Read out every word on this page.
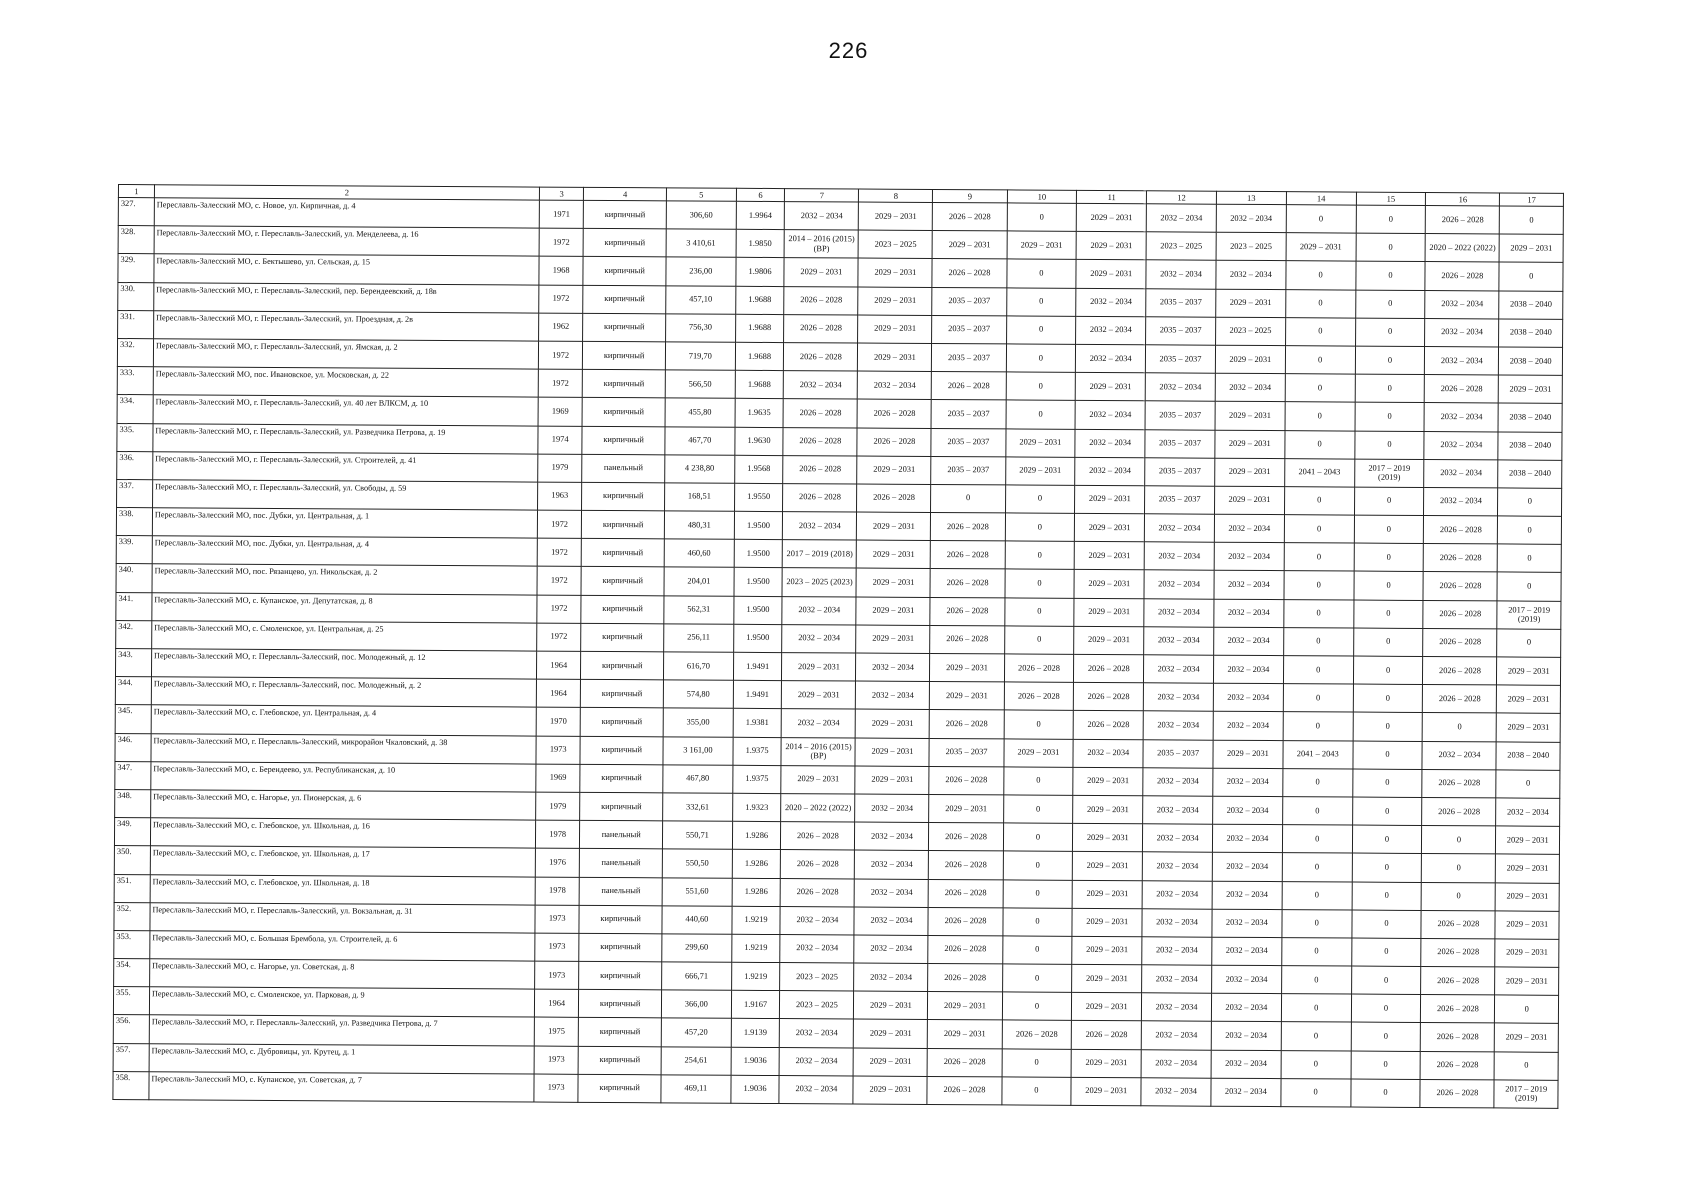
226
1	2	3	4	5	6	7	8	9	10	11	12	13	14	15	16	17
327.	Переславль-Залесский МО, с. Новое, ул. Кирпичная, д. 4	1971	кирпичный	306,60	1.9964	2032 – 2034	2029 – 2031	2026 – 2028	0	2029 – 2031	2032 – 2034	2032 – 2034	0	0	2026 – 2028	0
328.	Переславль-Залесский МО, г. Переславль-Залесский, ул. Менделеева, д. 16	1972	кирпичный	3 410,61	1.9850	2014 – 2016 (2015) (ВР)	2023 – 2025	2029 – 2031	2029 – 2031	2029 – 2031	2023 – 2025	2023 – 2025	2029 – 2031	0	2020 – 2022 (2022)	2029 – 2031
329.	Переславль-Залесский МО, с. Бектышево, ул. Сельская, д. 15	1968	кирпичный	236,00	1.9806	2029 – 2031	2029 – 2031	2026 – 2028	0	2029 – 2031	2032 – 2034	2032 – 2034	0	0	2026 – 2028	0
330.	Переславль-Залесский МО, г. Переславль-Залесский, пер. Берендеевский, д. 18в	1972	кирпичный	457,10	1.9688	2026 – 2028	2029 – 2031	2035 – 2037	0	2032 – 2034	2035 – 2037	2029 – 2031	0	0	2032 – 2034	2038 – 2040
331.	Переславль-Залесский МО, г. Переславль-Залесский, ул. Проездная, д. 2в	1962	кирпичный	756,30	1.9688	2026 – 2028	2029 – 2031	2035 – 2037	0	2032 – 2034	2035 – 2037	2023 – 2025	0	0	2032 – 2034	2038 – 2040
332.	Переславль-Залесский МО, г. Переславль-Залесский, ул. Ямская, д. 2	1972	кирпичный	719,70	1.9688	2026 – 2028	2029 – 2031	2035 – 2037	0	2032 – 2034	2035 – 2037	2029 – 2031	0	0	2032 – 2034	2038 – 2040
333.	Переславль-Залесский МО, пос. Ивановское, ул. Московская, д. 22	1972	кирпичный	566,50	1.9688	2032 – 2034	2032 – 2034	2026 – 2028	0	2029 – 2031	2032 – 2034	2032 – 2034	0	0	2026 – 2028	2029 – 2031
334.	Переславль-Залесский МО, г. Переславль-Залесский, ул. 40 лет ВЛКСМ, д. 10	1969	кирпичный	455,80	1.9635	2026 – 2028	2026 – 2028	2035 – 2037	0	2032 – 2034	2035 – 2037	2029 – 2031	0	0	2032 – 2034	2038 – 2040
335.	Переславль-Залесский МО, г. Переславль-Залесский, ул. Разведчика Петрова, д. 19	1974	кирпичный	467,70	1.9630	2026 – 2028	2026 – 2028	2035 – 2037	2029 – 2031	2032 – 2034	2035 – 2037	2029 – 2031	0	0	2032 – 2034	2038 – 2040
336.	Переславль-Залесский МО, г. Переславль-Залесский, ул. Строителей, д. 41	1979	панельный	4 238,80	1.9568	2026 – 2028	2029 – 2031	2035 – 2037	2029 – 2031	2032 – 2034	2035 – 2037	2029 – 2031	2041 – 2043	2017 – 2019 (2019)	2032 – 2034	2038 – 2040
337.	Переславль-Залесский МО, г. Переславль-Залесский, ул. Свободы, д. 59	1963	кирпичный	168,51	1.9550	2026 – 2028	2026 – 2028	0	0	2029 – 2031	2035 – 2037	2029 – 2031	0	0	2032 – 2034	0
338.	Переславль-Залесский МО, пос. Дубки, ул. Центральная, д. 1	1972	кирпичный	480,31	1.9500	2032 – 2034	2029 – 2031	2026 – 2028	0	2029 – 2031	2032 – 2034	2032 – 2034	0	0	2026 – 2028	0
339.	Переславль-Залесский МО, пос. Дубки, ул. Центральная, д. 4	1972	кирпичный	460,60	1.9500	2017 – 2019 (2018)	2029 – 2031	2026 – 2028	0	2029 – 2031	2032 – 2034	2032 – 2034	0	0	2026 – 2028	0
340.	Переславль-Залесский МО, пос. Рязанцево, ул. Никольская, д. 2	1972	кирпичный	204,01	1.9500	2023 – 2025 (2023)	2029 – 2031	2026 – 2028	0	2029 – 2031	2032 – 2034	2032 – 2034	0	0	2026 – 2028	0
341.	Переславль-Залесский МО, с. Купанское, ул. Депутатская, д. 8	1972	кирпичный	562,31	1.9500	2032 – 2034	2029 – 2031	2026 – 2028	0	2029 – 2031	2032 – 2034	2032 – 2034	0	0	2026 – 2028	2017 – 2019 (2019)
342.	Переславль-Залесский МО, с. Смоленское, ул. Центральная, д. 25	1972	кирпичный	256,11	1.9500	2032 – 2034	2029 – 2031	2026 – 2028	0	2029 – 2031	2032 – 2034	2032 – 2034	0	0	2026 – 2028	0
343.	Переславль-Залесский МО, г. Переславль-Залесский, пос. Молодежный, д. 12	1964	кирпичный	616,70	1.9491	2029 – 2031	2032 – 2034	2029 – 2031	2026 – 2028	2026 – 2028	2032 – 2034	2032 – 2034	0	0	2026 – 2028	2029 – 2031
344.	Переславль-Залесский МО, г. Переславль-Залесский, пос. Молодежный, д. 2	1964	кирпичный	574,80	1.9491	2029 – 2031	2032 – 2034	2029 – 2031	2026 – 2028	2026 – 2028	2032 – 2034	2032 – 2034	0	0	2026 – 2028	2029 – 2031
345.	Переславль-Залесский МО, с. Глебовское, ул. Центральная, д. 4	1970	кирпичный	355,00	1.9381	2032 – 2034	2029 – 2031	2026 – 2028	0	2026 – 2028	2032 – 2034	2032 – 2034	0	0	0	2029 – 2031
346.	Переславль-Залесский МО, г. Переславль-Залесский, микрорайон Чкаловский, д. 38	1973	кирпичный	3 161,00	1.9375	2014 – 2016 (2015) (ВР)	2029 – 2031	2035 – 2037	2029 – 2031	2032 – 2034	2035 – 2037	2029 – 2031	2041 – 2043	0	2032 – 2034	2038 – 2040
347.	Переславль-Залесский МО, с. Берендеево, ул. Республиканская, д. 10	1969	кирпичный	467,80	1.9375	2029 – 2031	2029 – 2031	2026 – 2028	0	2029 – 2031	2032 – 2034	2032 – 2034	0	0	2026 – 2028	0
348.	Переславль-Залесский МО, с. Нагорье, ул. Пионерская, д. 6	1979	кирпичный	332,61	1.9323	2020 – 2022 (2022)	2032 – 2034	2029 – 2031	0	2029 – 2031	2032 – 2034	2032 – 2034	0	0	2026 – 2028	2032 – 2034
349.	Переславль-Залесский МО, с. Глебовское, ул. Школьная, д. 16	1978	панельный	550,71	1.9286	2026 – 2028	2032 – 2034	2026 – 2028	0	2029 – 2031	2032 – 2034	2032 – 2034	0	0	0	2029 – 2031
350.	Переславль-Залесский МО, с. Глебовское, ул. Школьная, д. 17	1976	панельный	550,50	1.9286	2026 – 2028	2032 – 2034	2026 – 2028	0	2029 – 2031	2032 – 2034	2032 – 2034	0	0	0	2029 – 2031
351.	Переславль-Залесский МО, с. Глебовское, ул. Школьная, д. 18	1978	панельный	551,60	1.9286	2026 – 2028	2032 – 2034	2026 – 2028	0	2029 – 2031	2032 – 2034	2032 – 2034	0	0	0	2029 – 2031
352.	Переславль-Залесский МО, г. Переславль-Залесский, ул. Вокзальная, д. 31	1973	кирпичный	440,60	1.9219	2032 – 2034	2032 – 2034	2026 – 2028	0	2029 – 2031	2032 – 2034	2032 – 2034	0	0	2026 – 2028	2029 – 2031
353.	Переславль-Залесский МО, с. Большая Брембола, ул. Строителей, д. 6	1973	кирпичный	299,60	1.9219	2032 – 2034	2032 – 2034	2026 – 2028	0	2029 – 2031	2032 – 2034	2032 – 2034	0	0	2026 – 2028	2029 – 2031
354.	Переславль-Залесский МО, с. Нагорье, ул. Советская, д. 8	1973	кирпичный	666,71	1.9219	2023 – 2025	2032 – 2034	2026 – 2028	0	2029 – 2031	2032 – 2034	2032 – 2034	0	0	2026 – 2028	2029 – 2031
355.	Переславль-Залесский МО, с. Смоленское, ул. Парковая, д. 9	1964	кирпичный	366,00	1.9167	2023 – 2025	2029 – 2031	2029 – 2031	0	2029 – 2031	2032 – 2034	2032 – 2034	0	0	2026 – 2028	0
356.	Переславль-Залесский МО, г. Переславль-Залесский, ул. Разведчика Петрова, д. 7	1975	кирпичный	457,20	1.9139	2032 – 2034	2029 – 2031	2029 – 2031	2026 – 2028	2026 – 2028	2032 – 2034	2032 – 2034	0	0	2026 – 2028	2029 – 2031
357.	Переславль-Залесский МО, с. Дубровицы, ул. Крутец, д. 1	1973	кирпичный	254,61	1.9036	2032 – 2034	2029 – 2031	2026 – 2028	0	2029 – 2031	2032 – 2034	2032 – 2034	0	0	2026 – 2028	0
358.	Переславль-Залесский МО, с. Купанское, ул. Советская, д. 7	1973	кирпичный	469,11	1.9036	2032 – 2034	2029 – 2031	2026 – 2028	0	2029 – 2031	2032 – 2034	2032 – 2034	0	0	2026 – 2028	2017 – 2019 (2019)
